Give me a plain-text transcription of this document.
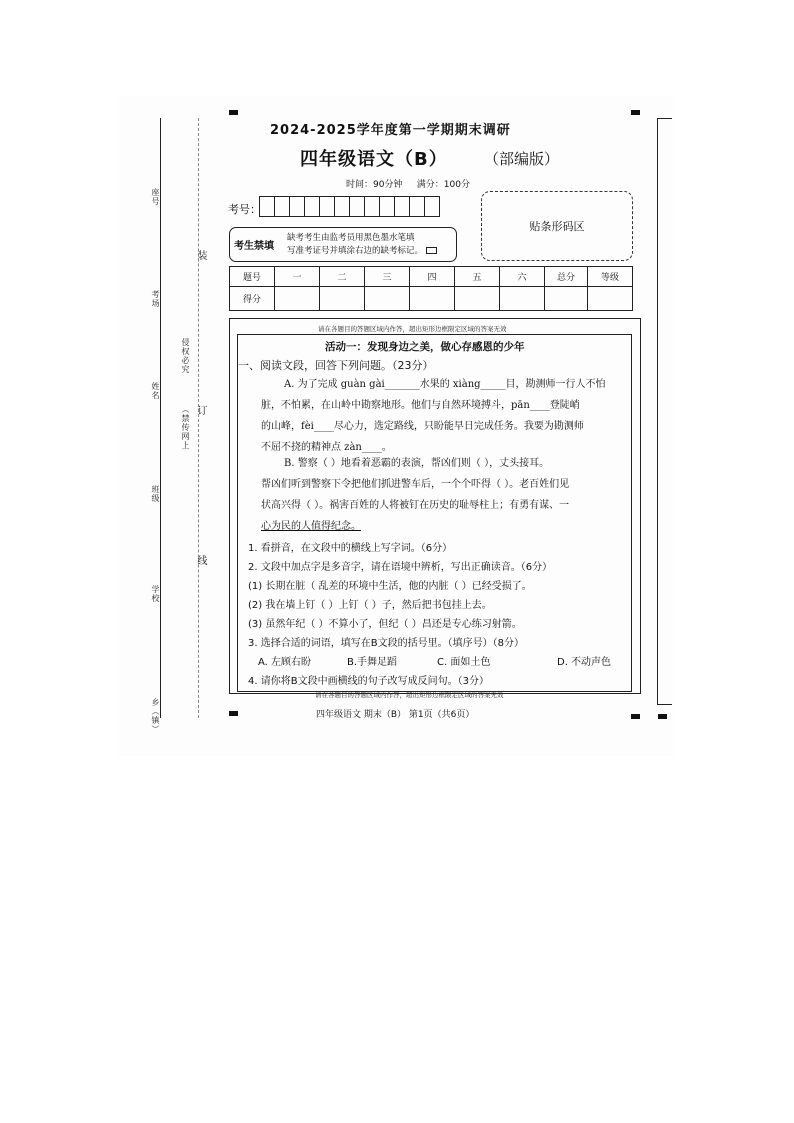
座号
考场
姓名
班级
学校
乡（镇）
装
订
线
侵权必究
（禁传网上
2024-2025学年度第一学期期末调研
四年级语文（B） （部编版）
时间：90分钟 满分：100分
考号：
贴条形码区
考生禁填
缺考考生由监考员用黑色墨水笔填
写准考证号并填涂右边的缺考标记。
题号	一	二	三	四	五	六	总分	等级
得分								
请在各题目的答题区域内作答，超出矩形边框限定区域的答案无效
活动一：发现身边之美，做心存感恩的少年
一、阅读文段，回答下列问题。（23分）
A. 为了完成 guàn gài_______水果的 xiàng_____目，勘测师一行人不怕
脏，不怕累，在山岭中勘察地形。他们与自然环境搏斗，pān____登陡峭
的山峰，fèi____尽心力，选定路线，只盼能早日完成任务。我要为勘测师
不屈不挠的精神点 zàn____。
B. 警察（ ）地看着恶霸的表演，帮凶们则（ ），丈头接耳。
帮凶们听到警察下令把他们抓进警车后，一个个吓得（ ）。老百姓们见
状高兴得（ ）。祸害百姓的人将被钉在历史的耻辱柱上；有勇有谋、一
心为民的人值得纪念。
1. 看拼音，在文段中的横线上写字词。（6分）
2. 文段中加点字是多音字，请在语境中辨析，写出正确读音。（6分）
(1) 长期在脏（ 乱差的环境中生活，他的内脏（ ）已经受损了。
(2) 我在墙上钉（ ）上钉（ ）子，然后把书包挂上去。
(3) 虽然年纪（ ）不算小了，但纪（ ）昌还是专心练习射箭。
3. 选择合适的词语，填写在B文段的括号里。（填序号）（8分）
A. 左顾右盼	B.手舞足蹈	C. 面如土色	D. 不动声色
4. 请你将B文段中画横线的句子改写成反问句。（3分）
请在各题目的答题区域内作答，超出矩形边框限定区域的答案无效
四年级语文 期末（B） 第1页（共6页）
